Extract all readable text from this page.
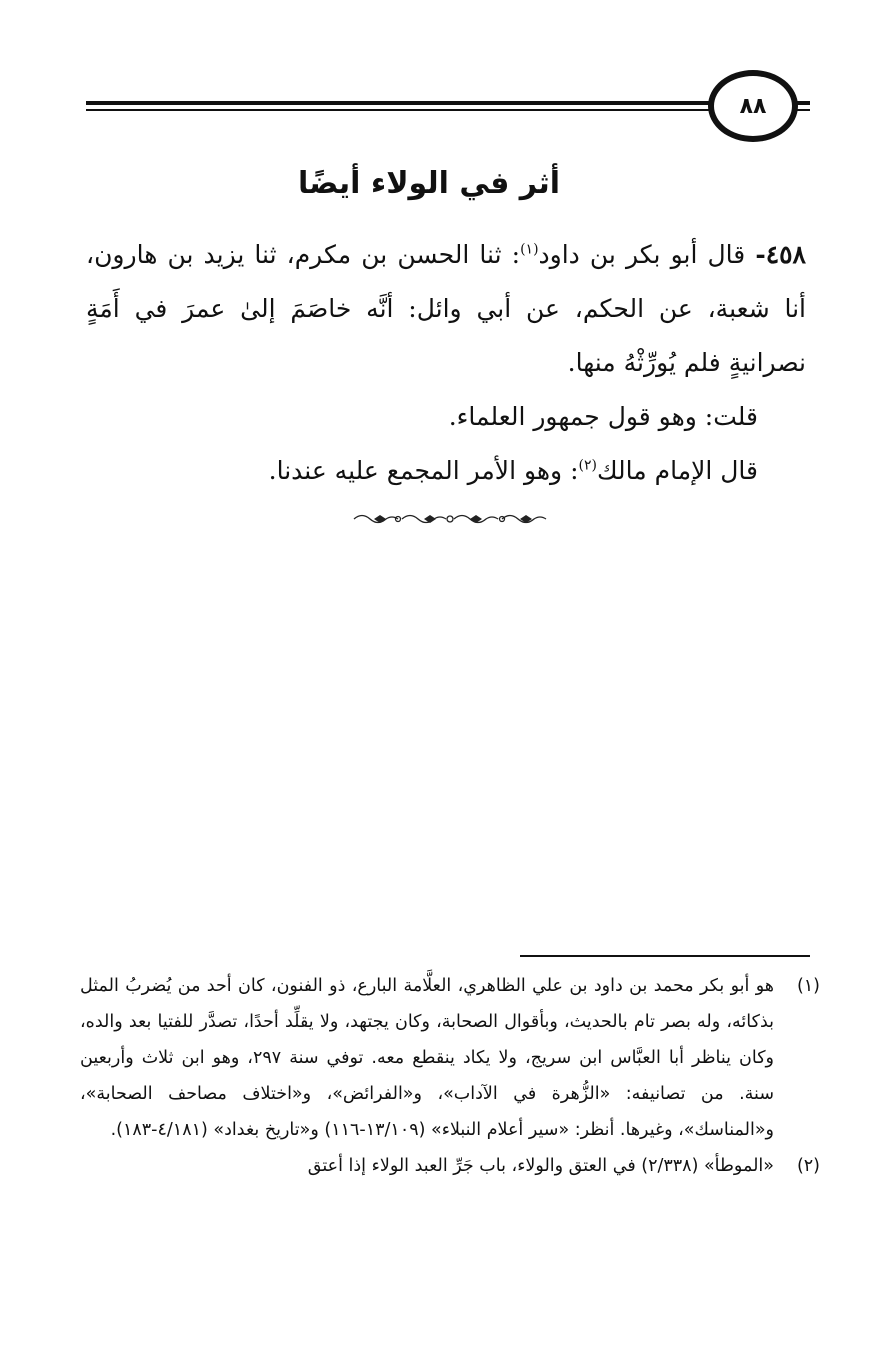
٨٨
أثر في الولاء أيضًا

٤٥٨- قال أبو بكر بن داود$^{(١)}$: ثنا الحسن بن مكرم، ثنا يزيد بن هارون، أنا شعبة، عن الحكم، عن أبي وائل: أنَّه خاصَمَ إلىٰ عمرَ في أَمَةٍ نصرانيةٍ فلم يُورِّثْهُ منها.

قلت: وهو قول جمهور العلماء.

قال الإمام مالك$^{(٢)}$: وهو الأمر المجمع عليه عندنا.

(١)
هو أبو بكر محمد بن داود بن علي الظاهري، العلَّامة البارع، ذو الفنون، كان أحد من يُضربُ المثل بذكائه، وله بصر تام بالحديث، وبأقوال الصحابة، وكان يجتهد، ولا يقلِّد أحدًا، تصدَّر للفتيا بعد والده، وكان يناظر أبا العبَّاس ابن سريج، ولا يكاد ينقطع معه. توفي سنة ٢٩٧، وهو ابن ثلاث وأربعين سنة. من تصانيفه: «الزُّهرة في الآداب»، و«الفرائض»، و«اختلاف مصاحف الصحابة»، و«المناسك»، وغيرها. أنظر: «سير أعلام النبلاء» (١٣/١٠٩-١١٦) و«تاريخ بغداد» (٤/١٨١-١٨٣).
(٢)
«الموطأ» (٢/٣٣٨) في العتق والولاء، باب جَرِّ العبد الولاء إذا أعتق
